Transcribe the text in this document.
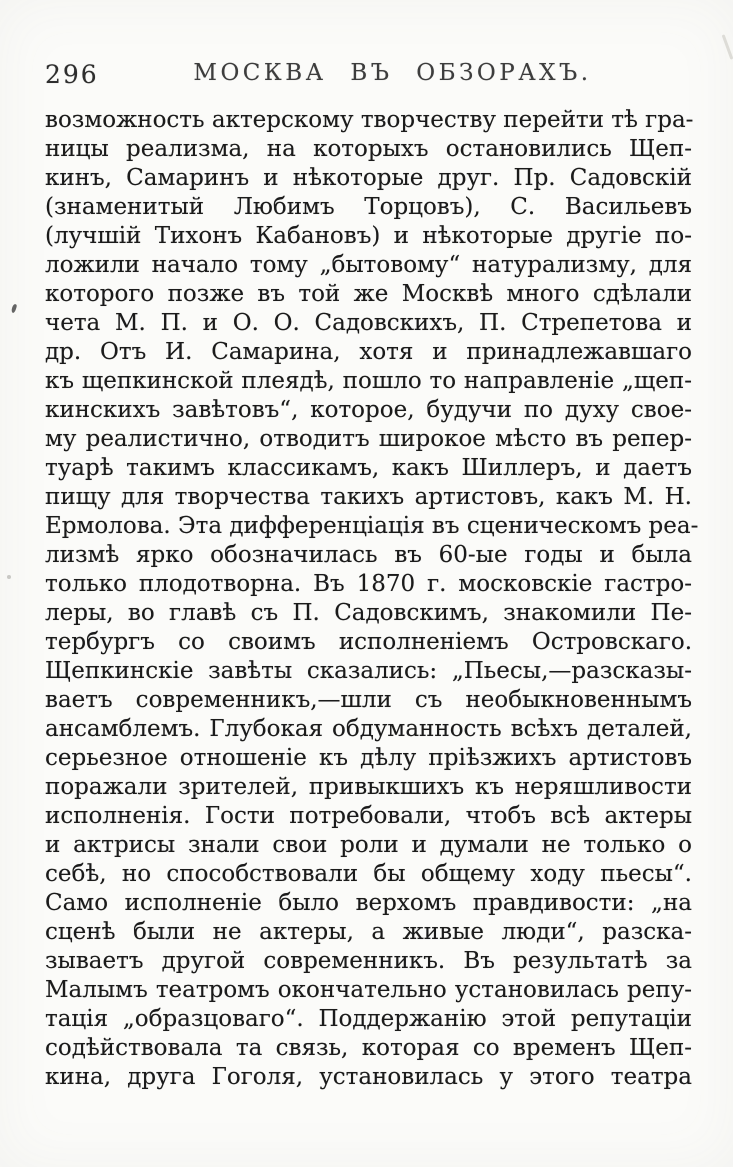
296	МОСКВА ВЪ ОБЗОРАХЪ.
возможность актерскому творчеству перейти тѣ гра-
ницы реализма, на которыхъ остановились Щеп-
кинъ, Самаринъ и нѣкоторые друг. Пр. Садовскій
(знаменитый Любимъ Торцовъ), С. Васильевъ
(лучшій Тихонъ Кабановъ) и нѣкоторые другіе по-
ложили начало тому „бытовому“ натурализму, для
которого позже въ той же Москвѣ много сдѣлали
чета М. П. и О. О. Садовскихъ, П. Стрепетова и
др. Отъ И. Самарина, хотя и принадлежавшаго
къ щепкинской плеядѣ, пошло то направленіе „щеп-
кинскихъ завѣтовъ“, которое, будучи по духу свое-
му реалистично, отводитъ широкое мѣсто въ репер-
туарѣ такимъ классикамъ, какъ Шиллеръ, и даетъ
пищу для творчества такихъ артистовъ, какъ М. Н.
Ермолова. Эта дифференціація въ сценическомъ реа-
лизмѣ ярко обозначилась въ 60-ые годы и была
только плодотворна. Въ 1870 г. московскіе гастро-
леры, во главѣ съ П. Садовскимъ, знакомили Пе-
тербургъ со своимъ исполненіемъ Островскаго.
Щепкинскіе завѣты сказались: „Пьесы,—разсказы-
ваетъ современникъ,—шли съ необыкновеннымъ
ансамблемъ. Глубокая обдуманность всѣхъ деталей,
серьезное отношеніе къ дѣлу пріѣзжихъ артистовъ
поражали зрителей, привыкшихъ къ неряшливости
исполненія. Гости потребовали, чтобъ всѣ актеры
и актрисы знали свои роли и думали не только о
себѣ, но способствовали бы общему ходу пьесы“.
Само исполненіе было верхомъ правдивости: „на
сценѣ были не актеры, а живые люди“, разска-
зываетъ другой современникъ. Въ результатѣ за
Малымъ театромъ окончательно установилась репу-
тація „образцоваго“. Поддержанію этой репутаціи
содѣйствовала та связь, которая со временъ Щеп-
кина, друга Гоголя, установилась у этого театра
